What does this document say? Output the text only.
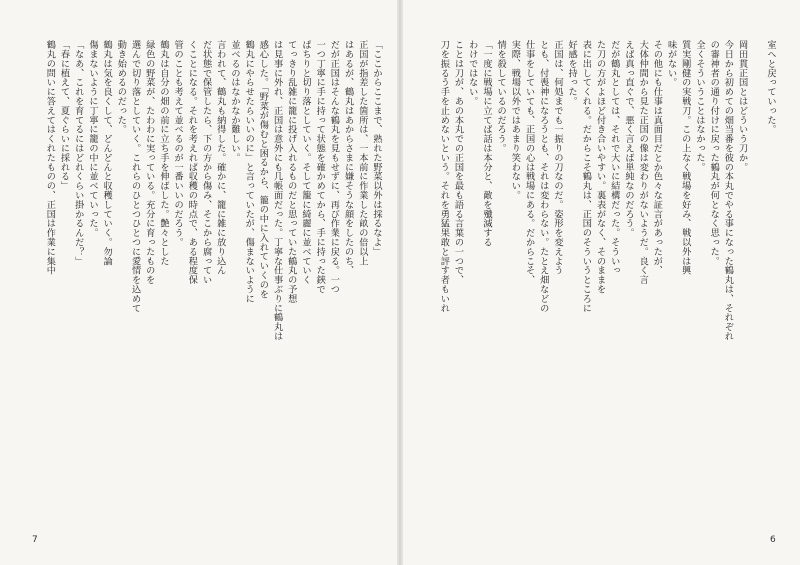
「ここからここまで、熟れた野菜以外は採るなよ」
正国が指差した箇所は、一本前に作業した畝の倍以上
はあるが、鶴丸はあからさまに嫌そうな顔をしたのち、
だが正国はそんな鶴丸を見もせずに、再び作業に戻る。一つ
一つ丁寧に手に持って状態を確かめてから、手に持った鋏で
ぱちりと切り落としていく。そして籠に綺麗に並べていく
てっきり乱雑に籠に投げ入れるものだと思っていた鶴丸の予想
は見事に外れ、正国は意外にも几帳面だった。丁寧な仕事ぶりに鶴丸は
感心した。「野菜が傷むと困るから、籠の中に入れていくのを
鶴丸にやらせたらいいのに」と言っていたが、傷まないように
並べるのはなかなか難しい。
言われて、鶴丸も納得した。確かに、籠に雑に放り込ん
だ状態で保管したら、下の方から傷み、そこから腐ってい
くことになる。それを考えれば収穫の時点で、ある程度保
管のことも考えて並べるのが一番いいのだろう。
鶴丸は自分の畑の前に立ち手を伸ばした。艶々とした
緑色の野菜が、たわわに実っている。充分に育ったものを
選んで切り落としていく。これらのひとつひとつに愛情を込めて
動き始めるのだった。
鶴丸は気を良くして、どんどんと収穫していく。勿論
傷まないように丁寧に籠の中に並べていった。
「なあ、これを育てるにはどれくらい掛かるんだ？」
「春に植えて、夏ぐらいに採れる」
鶴丸の問いに答えてはくれたものの、正国は作業に集中
7
室へと戻っていった。
岡田貫正国とはどういう刀か。
今日から初めての畑当番を彼の本丸でやる事になった鶴丸は、それぞれ
の審神者の通り付けに戻った鶴丸が何となく思った。
全くそういうことはなかった。
質実剛健の実戦刀。この上なく戦場を好み、戦以外は興
味がない。
その他にも仕事は真面目だとか色々な証言があったが、
大体仲間から見た正国の像は変わりがないようだ。良く言
えば真っ直ぐで、悪く言えば単純なのだろう。
だが鶴丸としては、それで大いに結構だった。そういっ
た刀の方がよほど付き合いやすい。裏表がなく、そのままを
表に出してくれる。だからこそ鶴丸は、正国のそういうところに
好感を持った。
正国は、何処までも一振りの刀なのだ。姿形を変えよう
とも、付喪神になろうとも、それは変わらない。たとえ畑などの
仕事をしていても、正国の心は戦場にある。だからこそ、
実際、戦場以外ではあまり笑わない。
情を殺しているのだろう。
「一度に戦場に立てば話は本分と、敵を殲滅する
わけではない。
ことは刀が、あの本丸での正国を最も語る言葉の一つで、
刀を振るう手を止めないという。それを勇猛果敢と評す者もいれ
6
